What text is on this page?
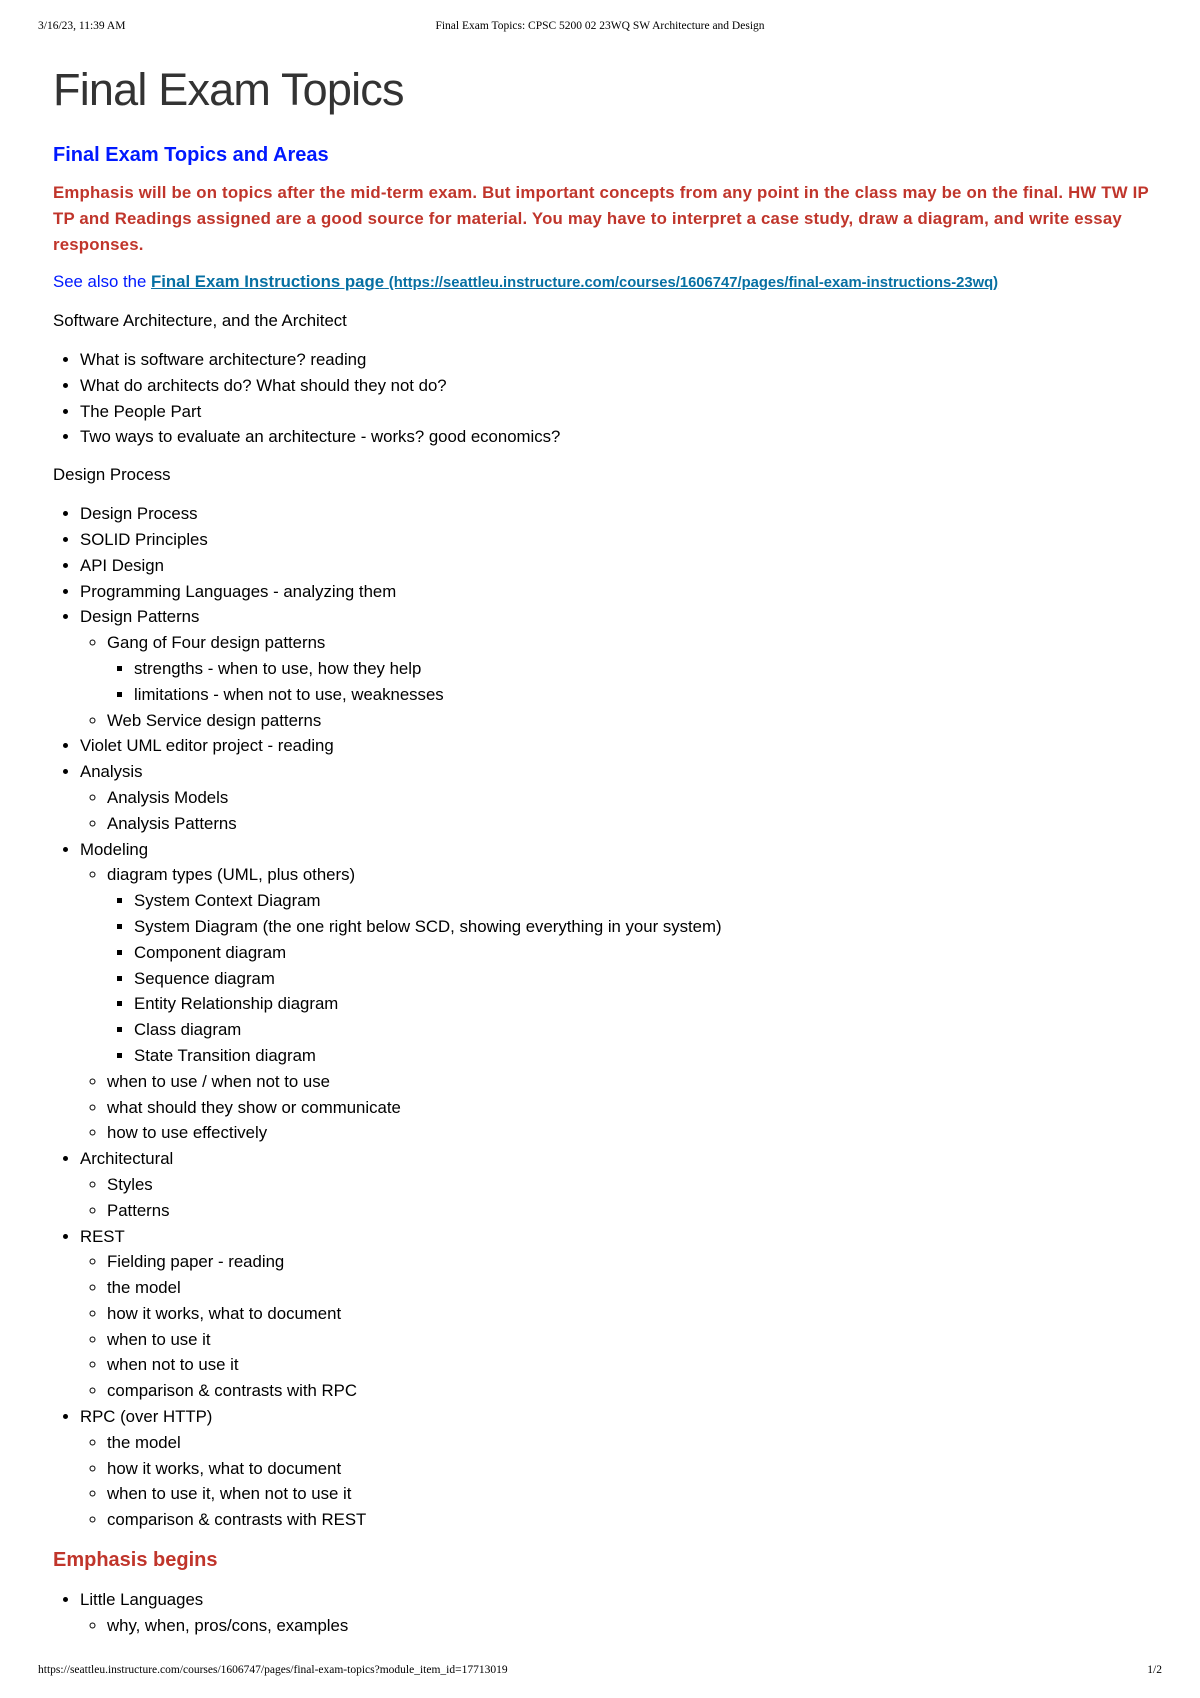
3/16/23, 11:39 AM	Final Exam Topics: CPSC 5200 02 23WQ SW Architecture and Design
Final Exam Topics
Final Exam Topics and Areas

Emphasis will be on topics after the mid-term exam. But important concepts from any point in the class may be on the final. HW TW IP TP and Readings assigned are a good source for material. You may have to interpret a case study, draw a diagram, and write essay responses.

See also the Final Exam Instructions page (https://seattleu.instructure.com/courses/1606747/pages/final-exam-instructions-23wq)

Software Architecture, and the Architect

• What is software architecture? reading
• What do architects do? What should they not do?
• The People Part
• Two ways to evaluate an architecture - works? good economics?

Design Process

• Design Process
• SOLID Principles
• API Design
• Programming Languages - analyzing them
• Design Patterns
◦ Gang of Four design patterns
▪ strengths - when to use, how they help
▪ limitations - when not to use, weaknesses
◦ Web Service design patterns
• Violet UML editor project - reading
• Analysis
◦ Analysis Models
◦ Analysis Patterns
• Modeling
◦ diagram types (UML, plus others)
▪ System Context Diagram
▪ System Diagram (the one right below SCD, showing everything in your system)
▪ Component diagram
▪ Sequence diagram
▪ Entity Relationship diagram
▪ Class diagram
▪ State Transition diagram
◦ when to use / when not to use
◦ what should they show or communicate
◦ how to use effectively
• Architectural
◦ Styles
◦ Patterns
• REST
◦ Fielding paper - reading
◦ the model
◦ how it works, what to document
◦ when to use it
◦ when not to use it
◦ comparison & contrasts with RPC
• RPC (over HTTP)
◦ the model
◦ how it works, what to document
◦ when to use it, when not to use it
◦ comparison & contrasts with REST
Emphasis begins
• Little Languages
◦ why, when, pros/cons, examples
https://seattleu.instructure.com/courses/1606747/pages/final-exam-topics?module_item_id=17713019	1/2
